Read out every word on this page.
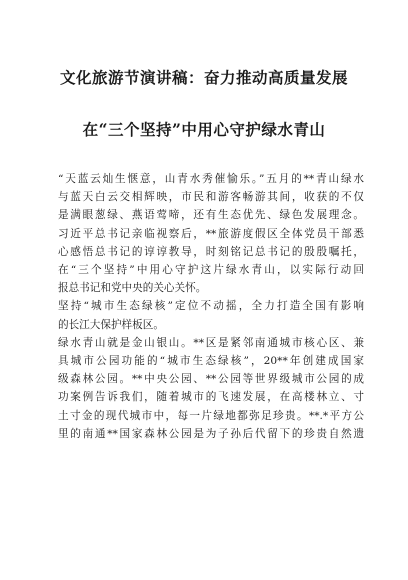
文化旅游节演讲稿：奋力推动高质量发展
在“三个坚持”中用心守护绿水青山
“天蓝云灿生惬意，山青水秀催愉乐。”五月的**青山绿水
与蓝天白云交相辉映，市民和游客畅游其间，收获的不仅
是满眼葱绿、燕语莺啼，还有生态优先、绿色发展理念。
习近平总书记亲临视察后，**旅游度假区全体党员干部悉
心感悟总书记的谆谆教导，时刻铭记总书记的殷殷嘱托，
在“三个坚持”中用心守护这片绿水青山，以实际行动回
报总书记和党中央的关心关怀。
坚持“城市生态绿核”定位不动摇，全力打造全国有影响
的长江大保护样板区。
绿水青山就是金山银山。**区是紧邻南通城市核心区、兼
具城市公园功能的“城市生态绿核”，20**年创建成国家
级森林公园。**中央公园、**公园等世界级城市公园的成
功案例告诉我们，随着城市的飞速发展，在高楼林立、寸
土寸金的现代城市中，每一片绿地都弥足珍贵。**.*平方公
里的南通**国家森林公园是为子孙后代留下的珍贵自然遗
